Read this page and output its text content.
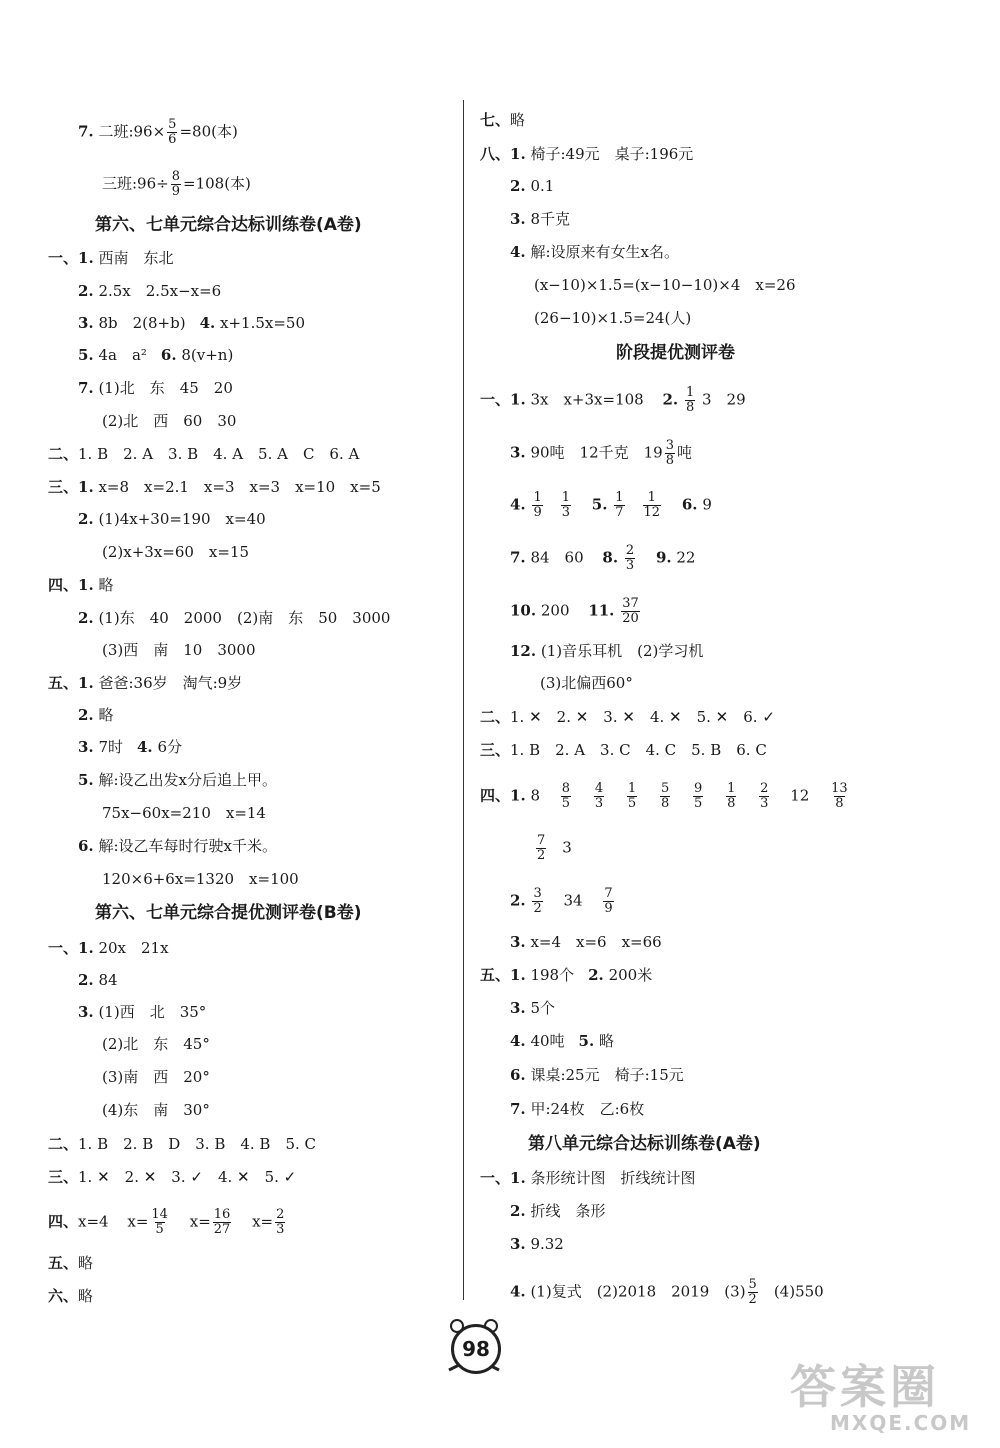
7. 二班:96× $\frac{5}{6} =80$(本)
三班:96÷ $\frac{8}{9} =108$(本)
第六、七单元综合达标训练卷(A卷)
一、1. 西南　东北
2. 2.5x　2.5x−x=6
3. 8b　2(8+b) 4. x+1.5x=50
5. 4a　a² 6. 8(v+n)
7. (1)北　东　45　20
(2)北　西　60　30
二、1. B　2. A　3. B　4. A　5. A　C　6. A
三、1. x=8　x=2.1　x=3　x=3　x=10　x=5
2. (1)4x+30=190　x=40
(2)x+3x=60　x=15
四、1. 略
2. (1)东　40　2000　(2)南　东　50　3000
(3)西　南　10　3000
五、1. 爸爸:36岁　淘气:9岁
2. 略
3. 7时 4. 6分
5. 解:设乙出发x分后追上甲。
75x−60x=210　x=14
6. 解:设乙车每时行驶x千米。
120×6+6x=1320　x=100
第六、七单元综合提优测评卷(B卷)
一、1. 20x　21x
2. 84
3. (1)西　北　35°
(2)北　东　45°
(3)南　西　20°
(4)东　南　30°
二、1. B　2. B　D　3. B　4. B　5. C
三、1. ✕　2. ✕　3. ✓　4. ✕　5. ✓
四、x=4 $x= \frac{14}{5} x= \frac{16}{27} x= \frac{2}{3}$
五、略
六、略
七、略
八、1. 椅子:49元　桌子:196元
2. 0.1
3. 8千克
4. 解:设原来有女生x名。
(x−10)×1.5=(x−10−10)×4　x=26
(26−10)×1.5=24(人)
阶段提优测评卷
一、1. 3x　x+3x=108 2. $\frac{1}{8} 3$　29
3. 90吨　12千克　$19 \frac{3}{8}$ 吨
4. $\frac{1}{9} \frac{1}{3} 5$. $\frac{1}{7} \frac{1}{12} 6$. 9
7. 84　60 8. $\frac{2}{3} 9$. 22
10. 200 11. $\frac{37}{20}$
12. (1)音乐耳机　(2)学习机
(3)北偏西60°
二、1. ✕　2. ✕　3. ✕　4. ✕　5. ✕　6. ✓
三、1. B　2. A　3. C　4. C　5. B　6. C
四、1. $8 \frac{8}{5}$
$\frac{4}{3}$
$\frac{1}{5}$
$\frac{5}{8}$
$\frac{9}{5}$
$\frac{1}{8}$
$\frac{2}{3} 12 \frac{13}{8}$
$\frac{7}{2} 3$
2. $\frac{3}{2} 34 \frac{7}{9}$
3. x=4　x=6　x=66
五、1. 198个 2. 200米
3. 5个
4. 40吨 5. 略
6. 课桌:25元　椅子:15元
7. 甲:24枚　乙:6枚
第八单元综合达标训练卷(A卷)
一、1. 条形统计图　折线统计图
2. 折线　条形
3. 9.32
4. (1)复式　(2)2018　2019　$(3) \frac{5}{2} (4)550$
98
答案圈
MXQE.COM
